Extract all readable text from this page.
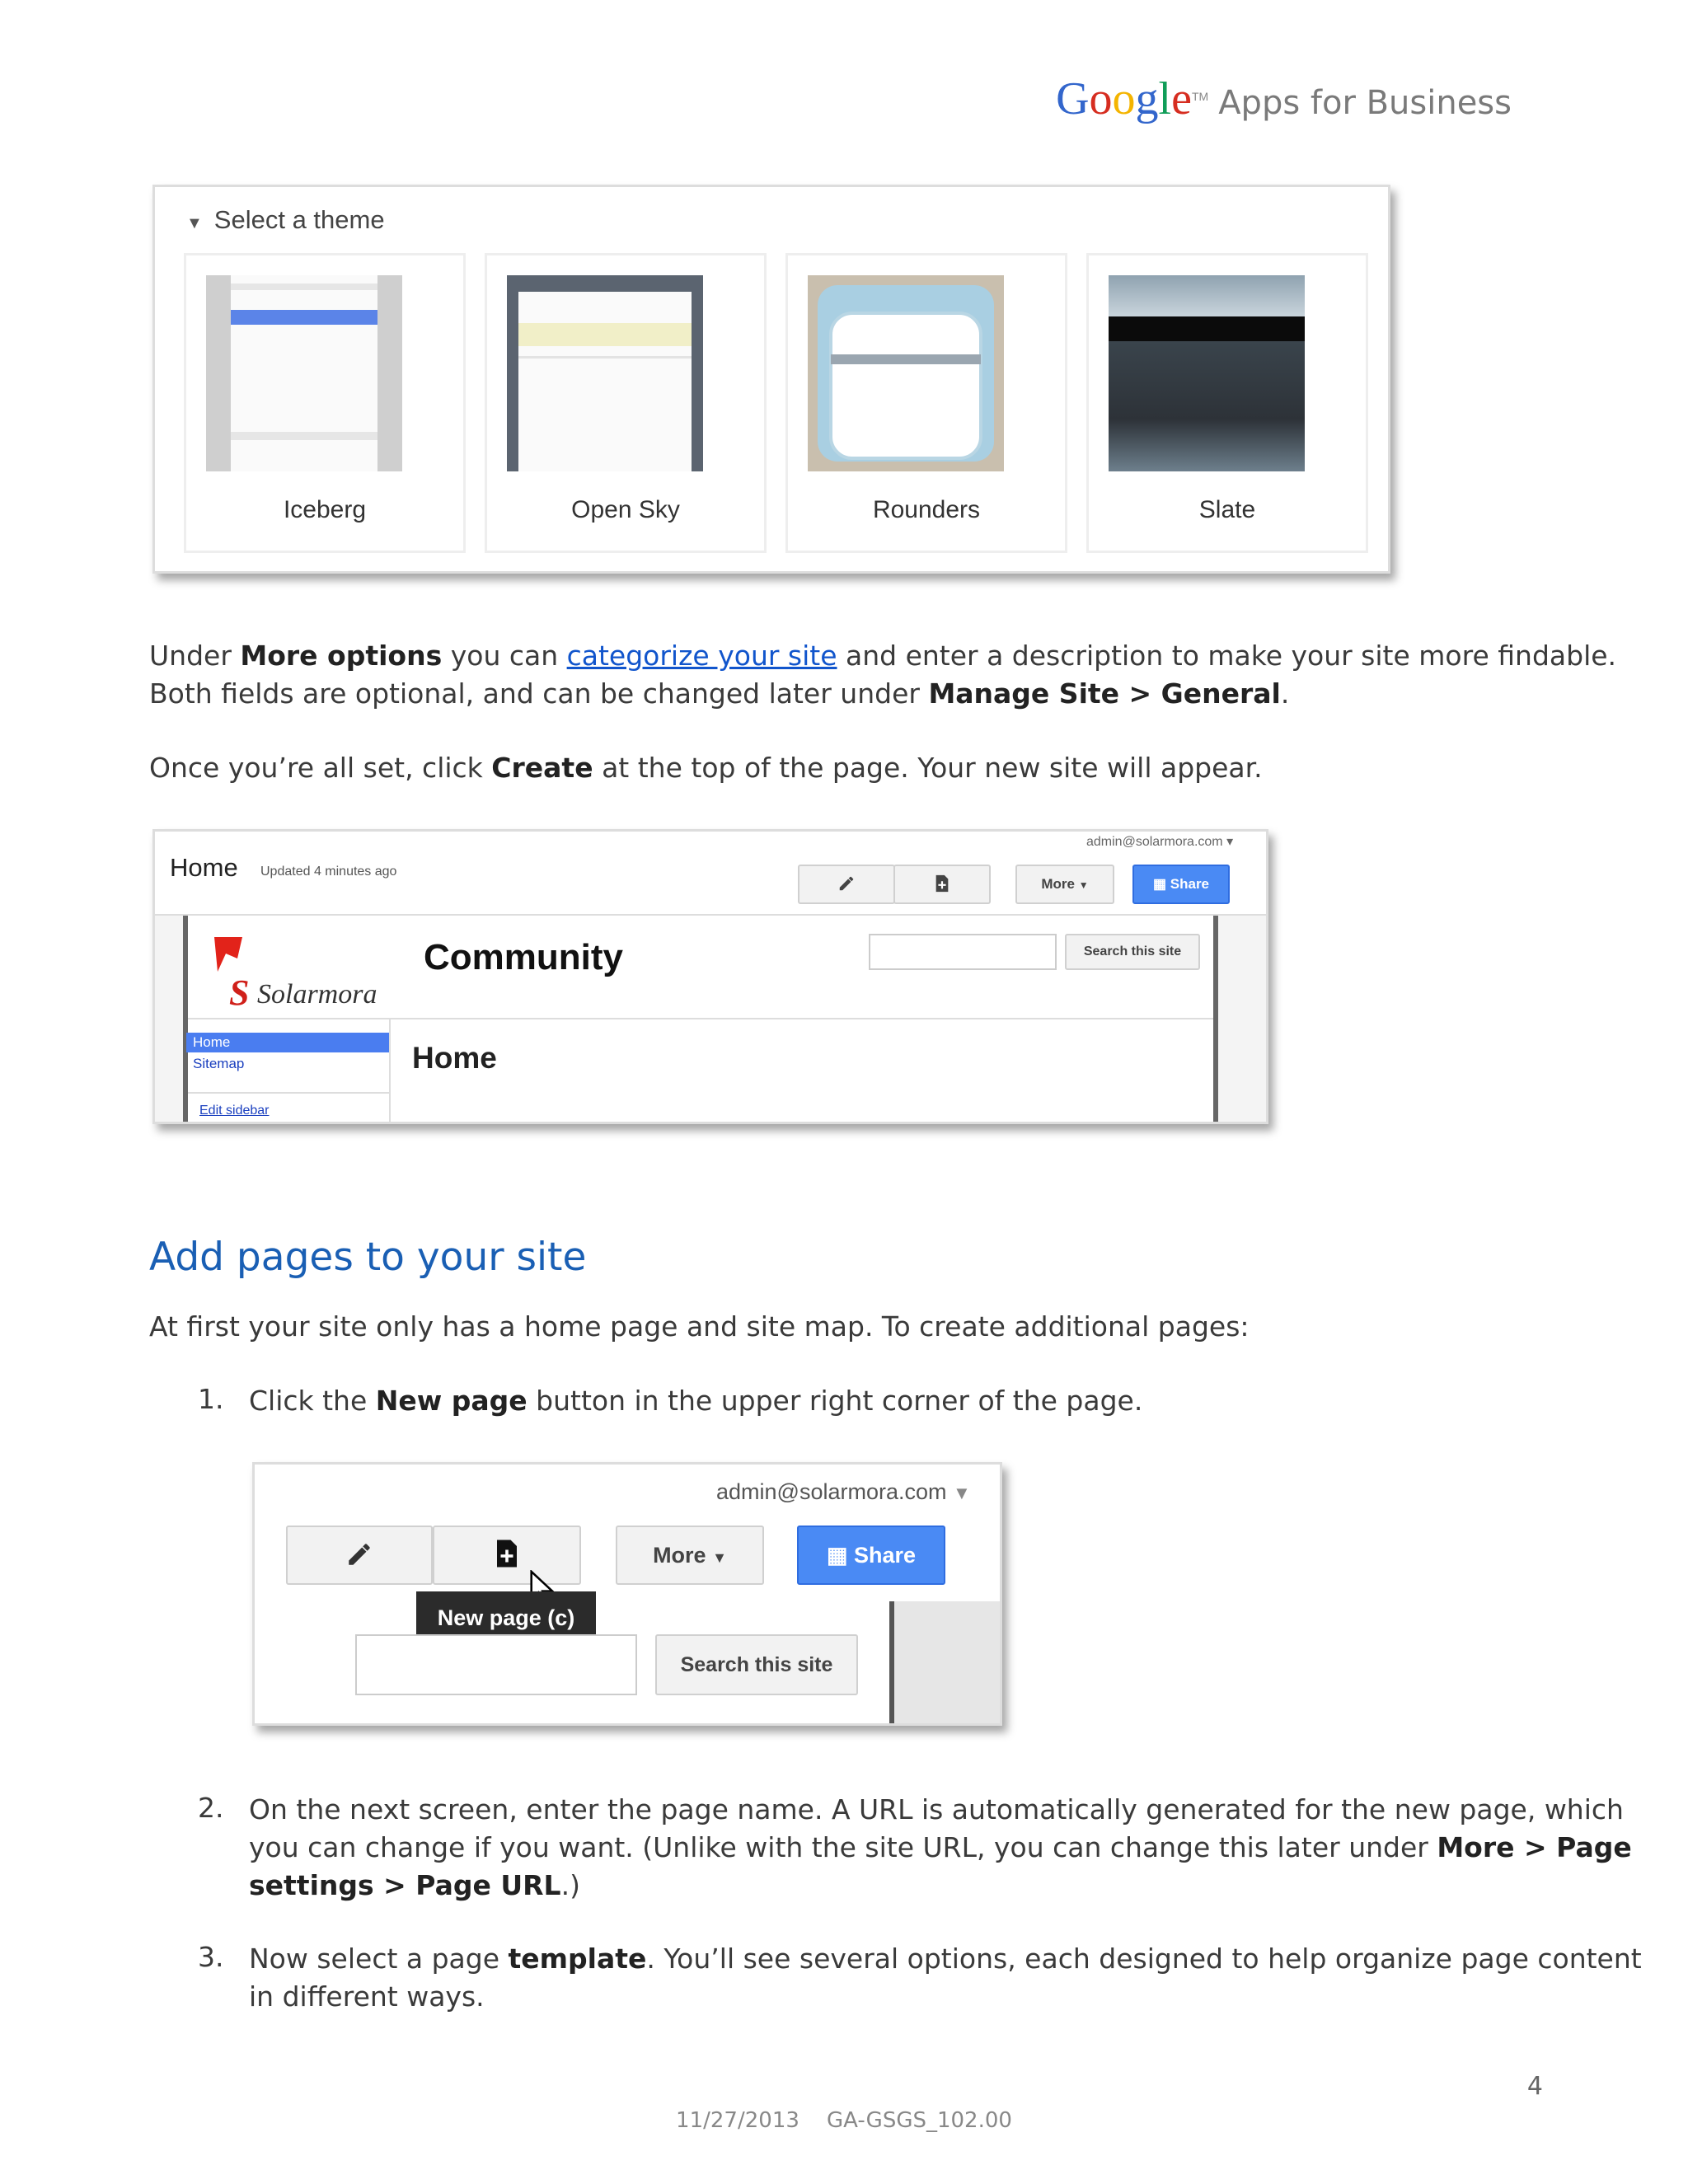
Google™ Apps for Business
▼ Select a theme
Iceberg	Open Sky	Rounders	Slate
Under More options you can categorize your site and enter a description to make your site more findable.
Both fields are optional, and can be changed later under Manage Site > General.
Once you’re all set, click Create at the top of the page. Your new site will appear.
Home Updated 4 minutes ago
admin@solarmora.com ▾
More ▼	▦ Share
S Solarmora
Community	Search this site
Home
Sitemap
Edit sidebar
Home
Add pages to your site
At first your site only has a home page and site map. To create additional pages:
1. Click the New page button in the upper right corner of the page.
admin@solarmora.com ▼
More ▼	▦ Share
New page (c)
Search this site
2. On the next screen, enter the page name. A URL is automatically generated for the new page, which
you can change if you want. (Unlike with the site URL, you can change this later under More > Page
settings > Page URL.)
3. Now select a page template. You’ll see several options, each designed to help organize page content
in different ways.
4
11/27/2013 GA-GSGS_102.00
